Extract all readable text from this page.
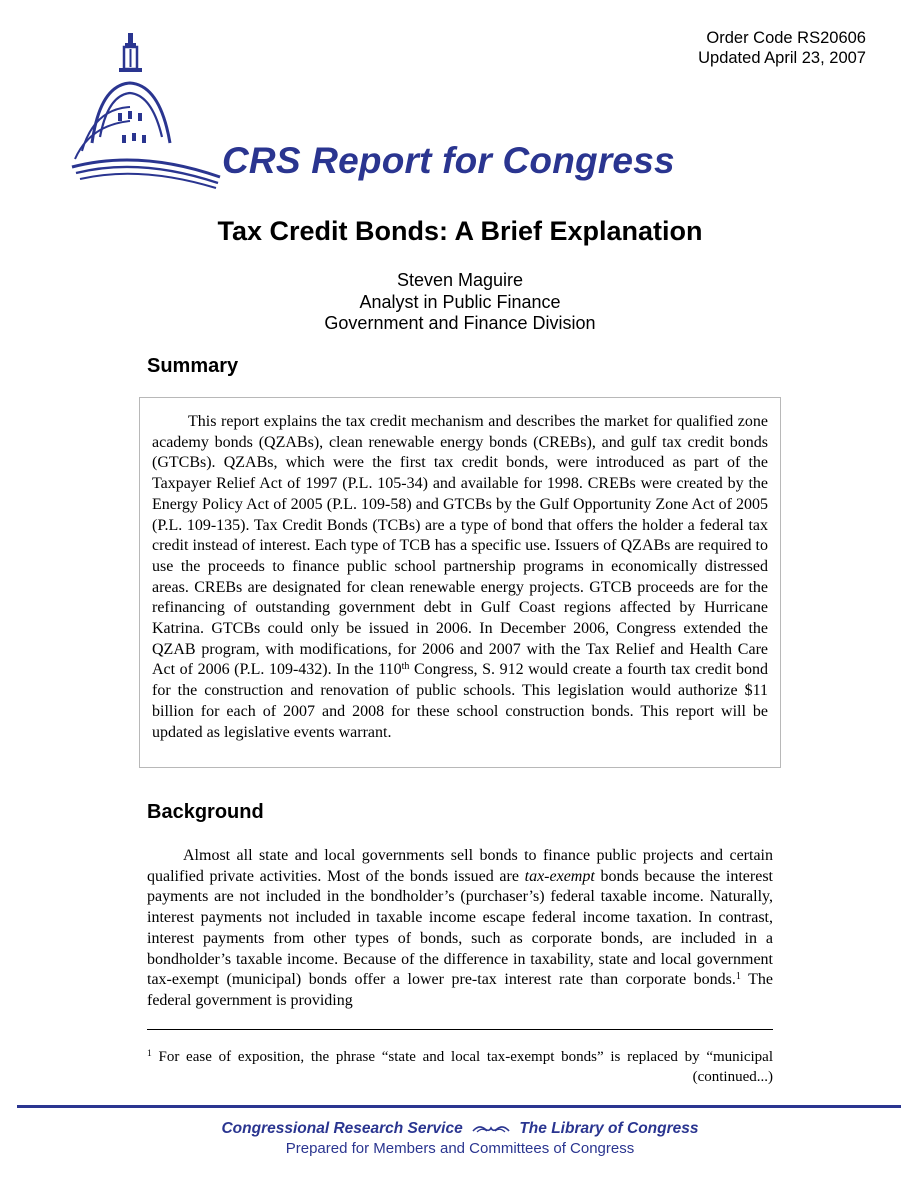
Order Code RS20606
Updated April 23, 2007
CRS Report for Congress
Tax Credit Bonds: A Brief Explanation
Steven Maguire
Analyst in Public Finance
Government and Finance Division
Summary

This report explains the tax credit mechanism and describes the market for qualified zone academy bonds (QZABs), clean renewable energy bonds (CREBs), and gulf tax credit bonds (GTCBs). QZABs, which were the first tax credit bonds, were introduced as part of the Taxpayer Relief Act of 1997 (P.L. 105-34) and available for 1998. CREBs were created by the Energy Policy Act of 2005 (P.L. 109-58) and GTCBs by the Gulf Opportunity Zone Act of 2005 (P.L. 109-135). Tax Credit Bonds (TCBs) are a type of bond that offers the holder a federal tax credit instead of interest. Each type of TCB has a specific use. Issuers of QZABs are required to use the proceeds to finance public school partnership programs in economically distressed areas. CREBs are designated for clean renewable energy projects. GTCB proceeds are for the refinancing of outstanding government debt in Gulf Coast regions affected by Hurricane Katrina. GTCBs could only be issued in 2006. In December 2006, Congress extended the QZAB program, with modifications, for 2006 and 2007 with the Tax Relief and Health Care Act of 2006 (P.L. 109-432). In the 110th Congress, S. 912 would create a fourth tax credit bond for the construction and renovation of public schools. This legislation would authorize $11 billion for each of 2007 and 2008 for these school construction bonds. This report will be updated as legislative events warrant.

Background

Almost all state and local governments sell bonds to finance public projects and certain qualified private activities. Most of the bonds issued are tax-exempt bonds because the interest payments are not included in the bondholder’s (purchaser’s) federal taxable income. Naturally, interest payments not included in taxable income escape federal income taxation. In contrast, interest payments from other types of bonds, such as corporate bonds, are included in a bondholder’s taxable income. Because of the difference in taxability, state and local government tax-exempt (municipal) bonds offer a lower pre-tax interest rate than corporate bonds.$^1$ The federal government is providing

$^1$ For ease of exposition, the phrase “state and local tax-exempt bonds” is replaced by “municipal
(continued...)
Congressional Research Service	The Library of Congress
Prepared for Members and Committees of Congress
